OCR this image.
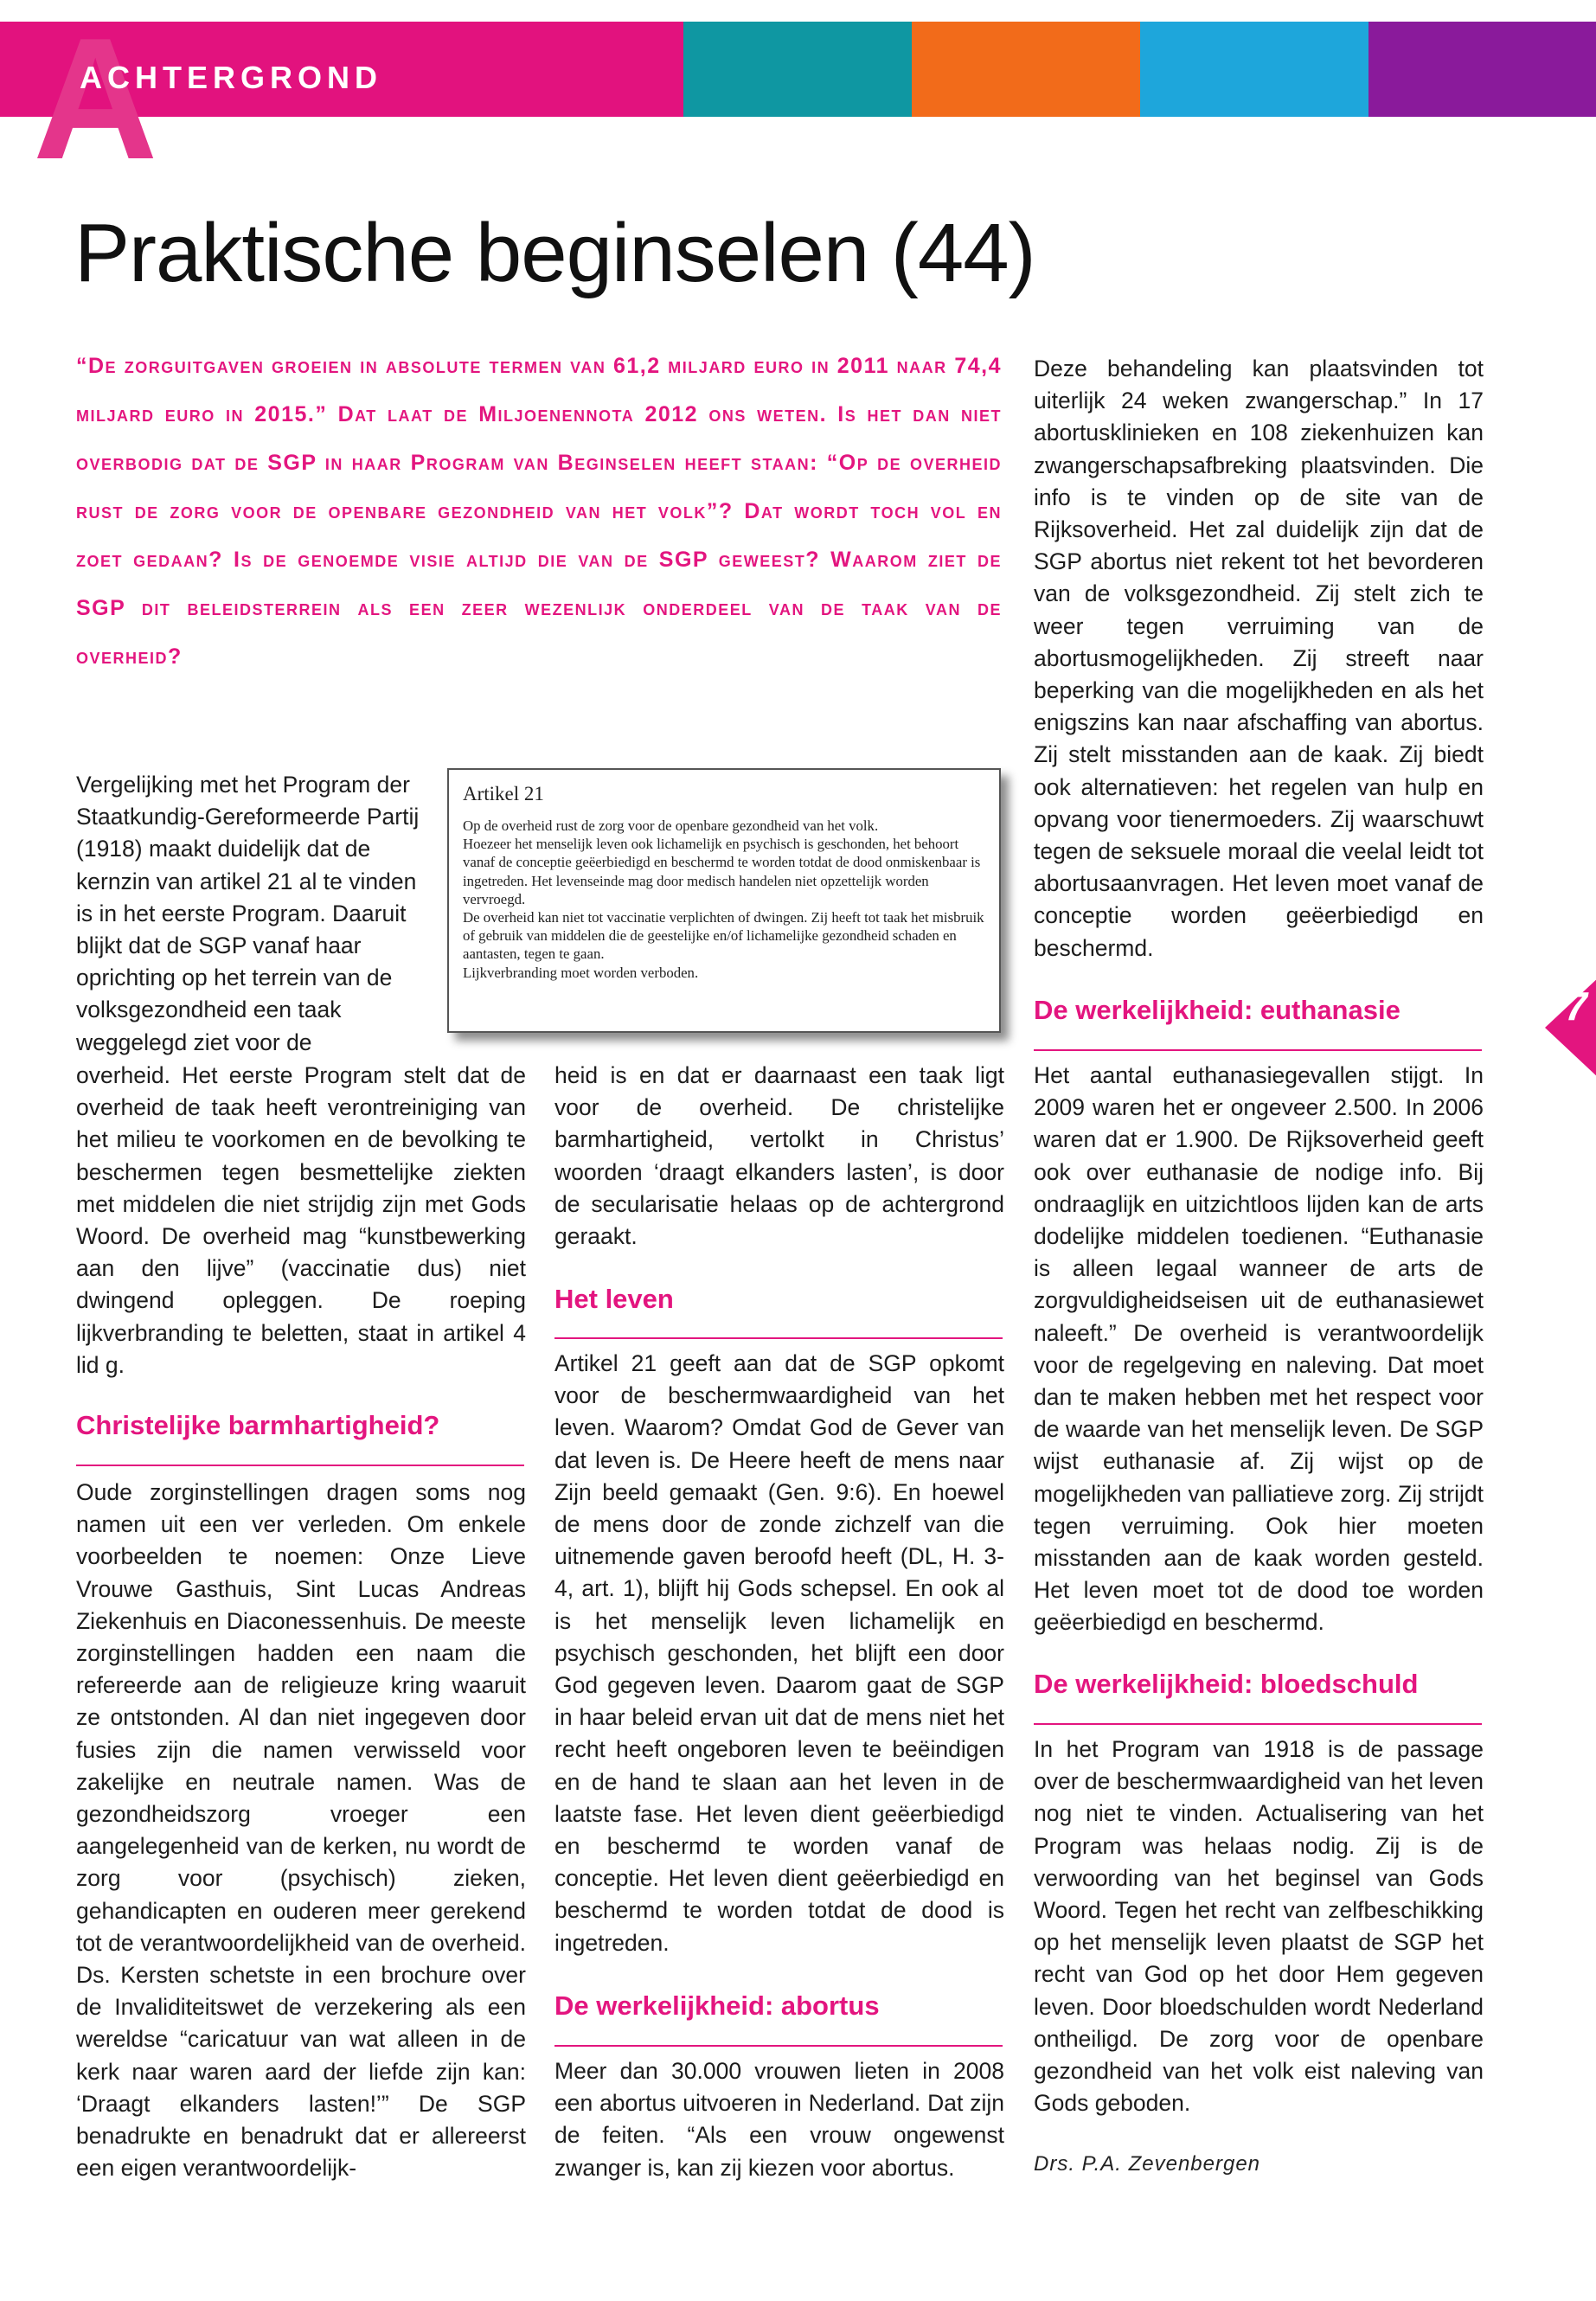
A
ACHTERGROND
Praktische beginselen (44)
“De zorguitgaven groeien in absolute termen van 61,2 miljard euro in 2011 naar 74,4 miljard euro in 2015.” Dat laat de Miljoenennota 2012 ons weten. Is het dan niet overbodig dat de SGP in haar Program van Beginselen heeft staan: “Op de overheid rust de zorg voor de openbare gezondheid van het volk”? Dat wordt toch vol en zoet gedaan? Is de genoemde visie altijd die van de SGP geweest? Waarom ziet de SGP dit beleidsterrein als een zeer wezenlijk onderdeel van de taak van de overheid?
Artikel 21
Op de overheid rust de zorg voor de openbare gezondheid van het volk.
Hoezeer het menselijk leven ook lichamelijk en psychisch is geschonden, het behoort vanaf de conceptie geëerbiedigd en beschermd te worden totdat de dood onmiskenbaar is ingetreden. Het levenseinde mag door medisch handelen niet opzettelijk worden vervroegd.
De overheid kan niet tot vaccinatie verplichten of dwingen. Zij heeft tot taak het misbruik of gebruik van middelen die de geestelijke en/of lichamelijke gezondheid schaden en aantasten, tegen te gaan.
Lijkverbranding moet worden verboden.

Vergelijking met het Program der Staatkundig-Gereformeerde Partij (1918) maakt duidelijk dat de kernzin van artikel 21 al te vinden is in het eerste Program. Daaruit blijkt dat de SGP vanaf haar oprichting op het terrein van de volksgezondheid een taak weggelegd ziet voor de

overheid. Het eerste Program stelt dat de overheid de taak heeft verontreiniging van het milieu te voorkomen en de bevolking te beschermen tegen besmettelijke ziekten met middelen die niet strijdig zijn met Gods Woord. De overheid mag “kunstbewerking aan den lijve” (vaccinatie dus) niet dwingend opleggen. De roeping lijkverbranding te beletten, staat in artikel 4 lid g.

Christelijke barmhartigheid?

Oude zorginstellingen dragen soms nog namen uit een ver verleden. Om enkele voorbeelden te noemen: Onze Lieve Vrouwe Gasthuis, Sint Lucas Andreas Ziekenhuis en Diaconessenhuis. De meeste zorginstellingen hadden een naam die refereerde aan de religieuze kring waaruit ze ontstonden. Al dan niet ingegeven door fusies zijn die namen verwisseld voor zakelijke en neutrale namen. Was de gezondheidszorg vroeger een aangelegenheid van de kerken, nu wordt de zorg voor (psychisch) zieken, gehandicapten en ouderen meer gerekend tot de verantwoordelijkheid van de overheid. Ds. Kersten schetste in een brochure over de Invaliditeitswet de verzekering als een wereldse “caricatuur van wat alleen in de kerk naar waren aard der liefde zijn kan: ‘Draagt elkanders lasten!’” De SGP benadrukte en benadrukt dat er allereerst een eigen verantwoordelijk-

heid is en dat er daarnaast een taak ligt voor de overheid. De christelijke barmhartigheid, vertolkt in Christus’ woorden ‘draagt elkanders lasten’, is door de secularisatie helaas op de achtergrond geraakt.

Het leven

Artikel 21 geeft aan dat de SGP opkomt voor de beschermwaardigheid van het leven. Waarom? Omdat God de Gever van dat leven is. De Heere heeft de mens naar Zijn beeld gemaakt (Gen. 9:6). En hoewel de mens door de zonde zichzelf van die uitnemende gaven beroofd heeft (DL, H. 3-4, art. 1), blijft hij Gods schepsel. En ook al is het menselijk leven lichamelijk en psychisch geschonden, het blijft een door God gegeven leven. Daarom gaat de SGP in haar beleid ervan uit dat de mens niet het recht heeft ongeboren leven te beëindigen en de hand te slaan aan het leven in de laatste fase. Het leven dient geëerbiedigd en beschermd te worden vanaf de conceptie. Het leven dient geëerbiedigd en beschermd te worden totdat de dood is ingetreden.

De werkelijkheid: abortus

Meer dan 30.000 vrouwen lieten in 2008 een abortus uitvoeren in Nederland. Dat zijn de feiten. “Als een vrouw ongewenst zwanger is, kan zij kiezen voor abortus.

Deze behandeling kan plaatsvinden tot uiterlijk 24 weken zwangerschap.” In 17 abortusklinieken en 108 ziekenhuizen kan zwangerschapsafbreking plaatsvinden. Die info is te vinden op de site van de Rijksoverheid. Het zal duidelijk zijn dat de SGP abortus niet rekent tot het bevorderen van de volksgezondheid. Zij stelt zich te weer tegen verruiming van de abortusmogelijkheden. Zij streeft naar beperking van die mogelijkheden en als het enigszins kan naar afschaffing van abortus. Zij stelt misstanden aan de kaak. Zij biedt ook alternatieven: het regelen van hulp en opvang voor tienermoeders. Zij waarschuwt tegen de seksuele moraal die veelal leidt tot abortusaanvragen. Het leven moet vanaf de conceptie worden geëerbiedigd en beschermd.

De werkelijkheid: euthanasie

Het aantal euthanasiegevallen stijgt. In 2009 waren het er ongeveer 2.500. In 2006 waren dat er 1.900. De Rijksoverheid geeft ook over euthanasie de nodige info. Bij ondraaglijk en uitzichtloos lijden kan de arts dodelijke middelen toedienen. “Euthanasie is alleen legaal wanneer de arts de zorgvuldigheidseisen uit de euthanasiewet naleeft.” De overheid is verantwoordelijk voor de regelgeving en naleving. Dat moet dan te maken hebben met het respect voor de waarde van het menselijk leven. De SGP wijst euthanasie af. Zij wijst op de mogelijkheden van palliatieve zorg. Zij strijdt tegen verruiming. Ook hier moeten misstanden aan de kaak worden gesteld. Het leven moet tot de dood toe worden geëerbiedigd en beschermd.

De werkelijkheid: bloedschuld

In het Program van 1918 is de passage over de beschermwaardigheid van het leven nog niet te vinden. Actualisering van het Program was helaas nodig. Zij is de verwoording van het beginsel van Gods Woord. Tegen het recht van zelfbeschikking op het menselijk leven plaatst de SGP het recht van God op het door Hem gegeven leven. Door bloedschulden wordt Nederland ontheiligd. De zorg voor de openbare gezondheid van het volk eist naleving van Gods geboden.

Drs. P.A. Zevenbergen
7
